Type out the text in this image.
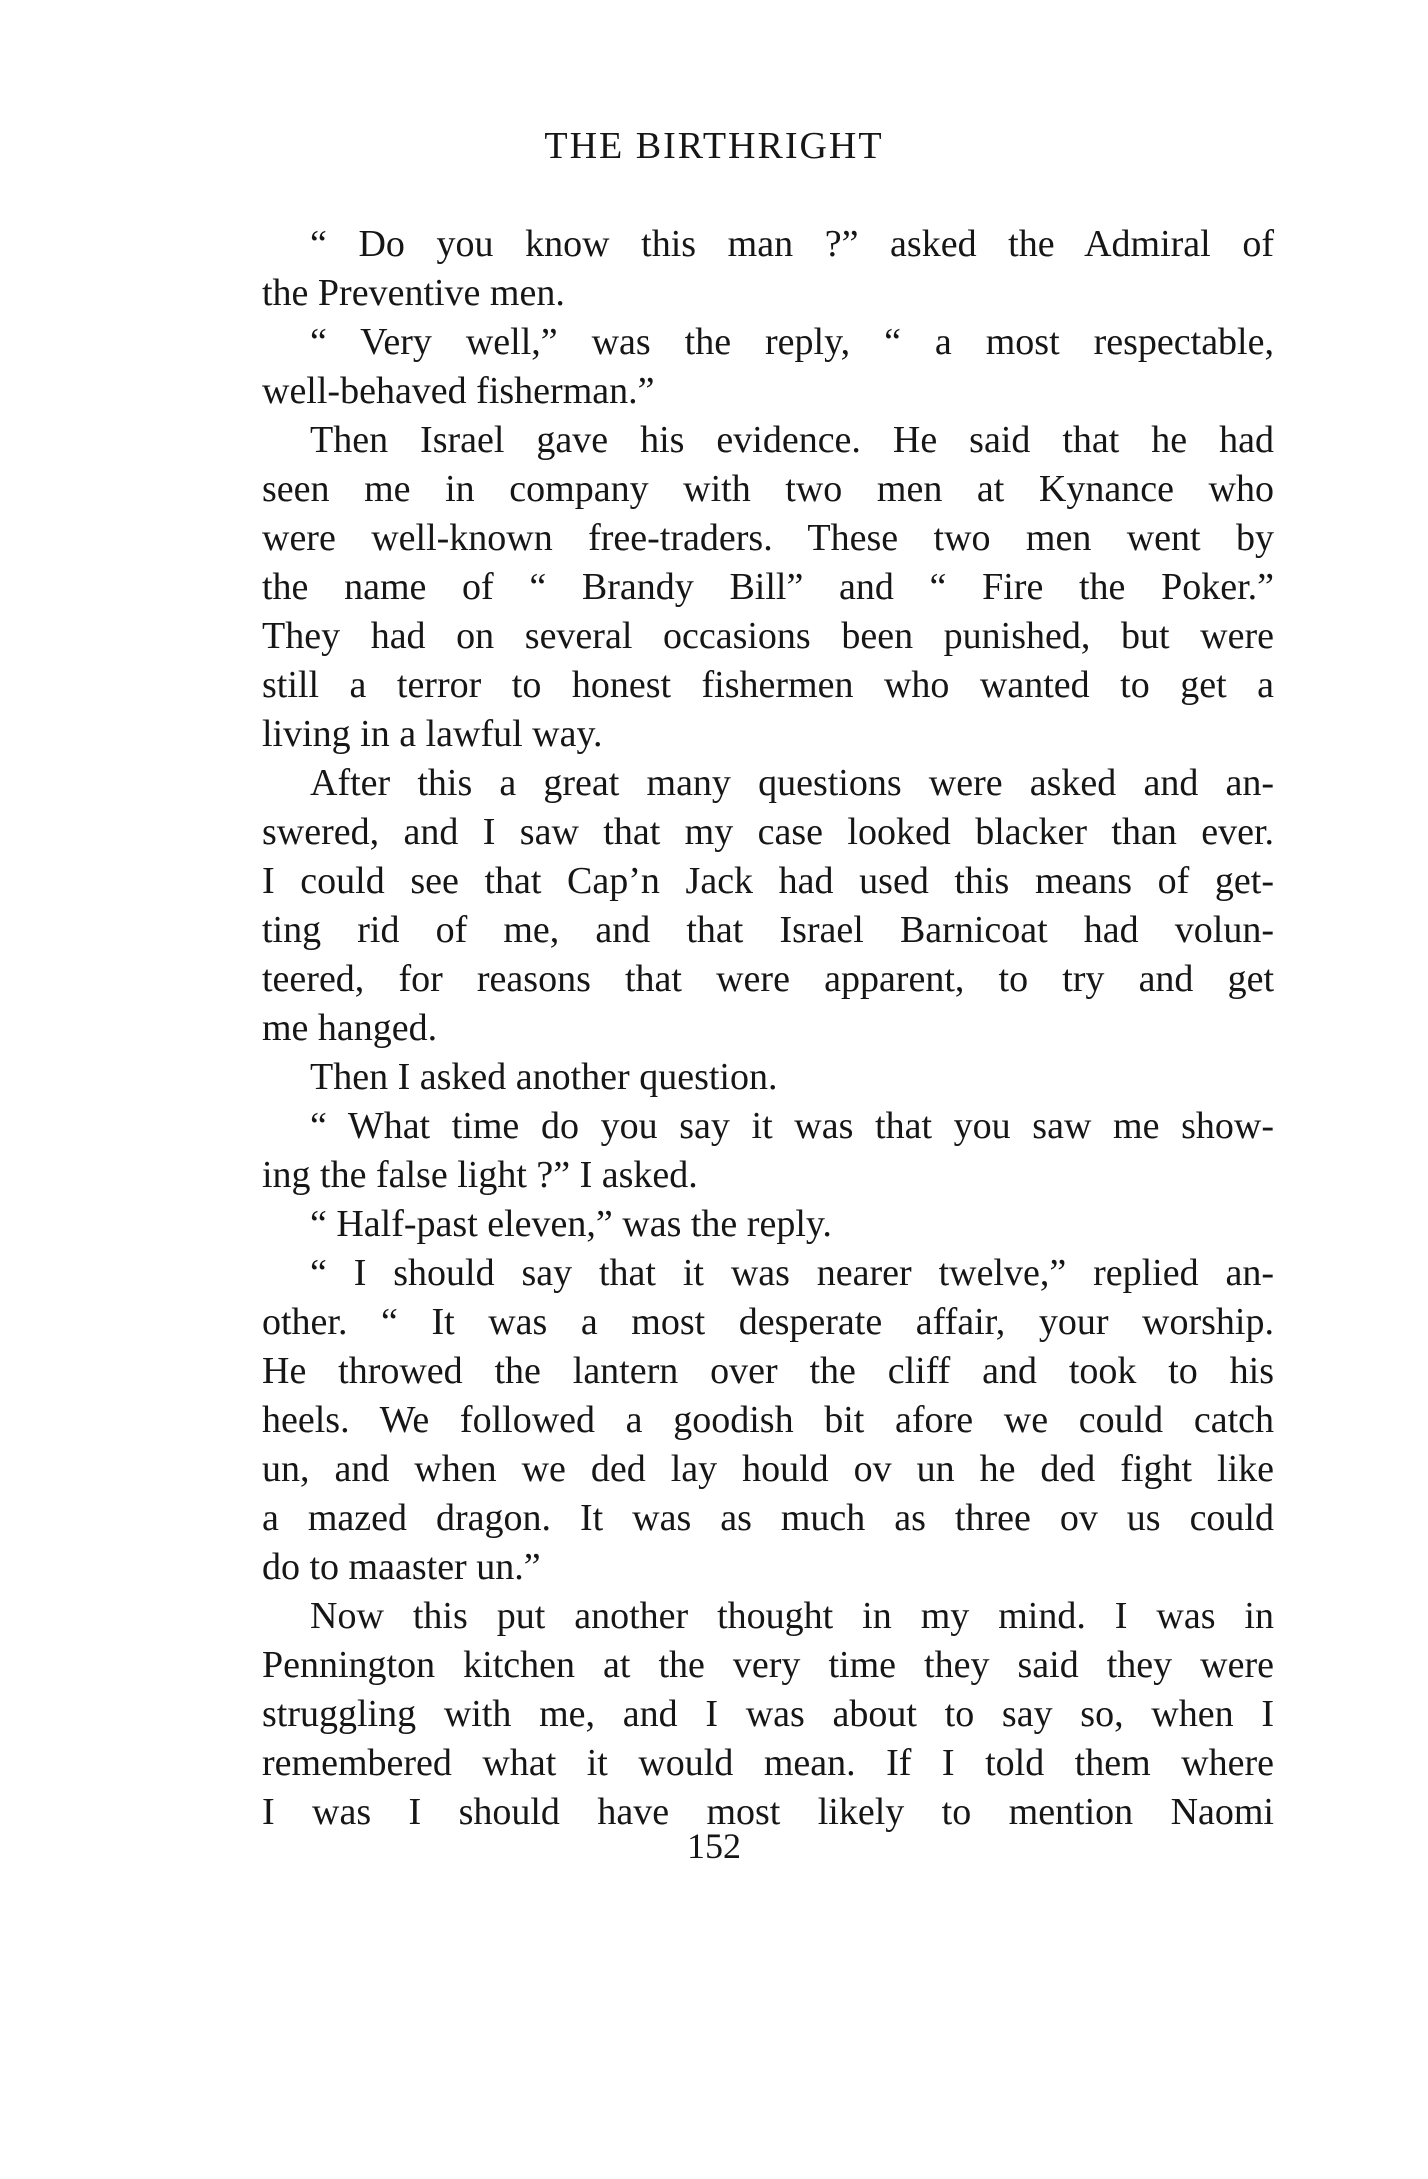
THE BIRTHRIGHT
“ Do you know this man ?” asked the Admiral of
the Preventive men.
“ Very well,” was the reply, “ a most respectable,
well-behaved fisherman.”
Then Israel gave his evidence. He said that he had
seen me in company with two men at Kynance who
were well-known free-traders. These two men went by
the name of “ Brandy Bill” and “ Fire the Poker.”
They had on several occasions been punished, but were
still a terror to honest fishermen who wanted to get a
living in a lawful way.
After this a great many questions were asked and an-
swered, and I saw that my case looked blacker than ever.
I could see that Cap’n Jack had used this means of get-
ting rid of me, and that Israel Barnicoat had volun-
teered, for reasons that were apparent, to try and get
me hanged.
Then I asked another question.
“ What time do you say it was that you saw me show-
ing the false light ?” I asked.
“ Half-past eleven,” was the reply.
“ I should say that it was nearer twelve,” replied an-
other. “ It was a most desperate affair, your worship.
He throwed the lantern over the cliff and took to his
heels. We followed a goodish bit afore we could catch
un, and when we ded lay hould ov un he ded fight like
a mazed dragon. It was as much as three ov us could
do to maaster un.”
Now this put another thought in my mind. I was in
Pennington kitchen at the very time they said they were
struggling with me, and I was about to say so, when I
remembered what it would mean. If I told them where
I was I should have most likely to mention Naomi
152
